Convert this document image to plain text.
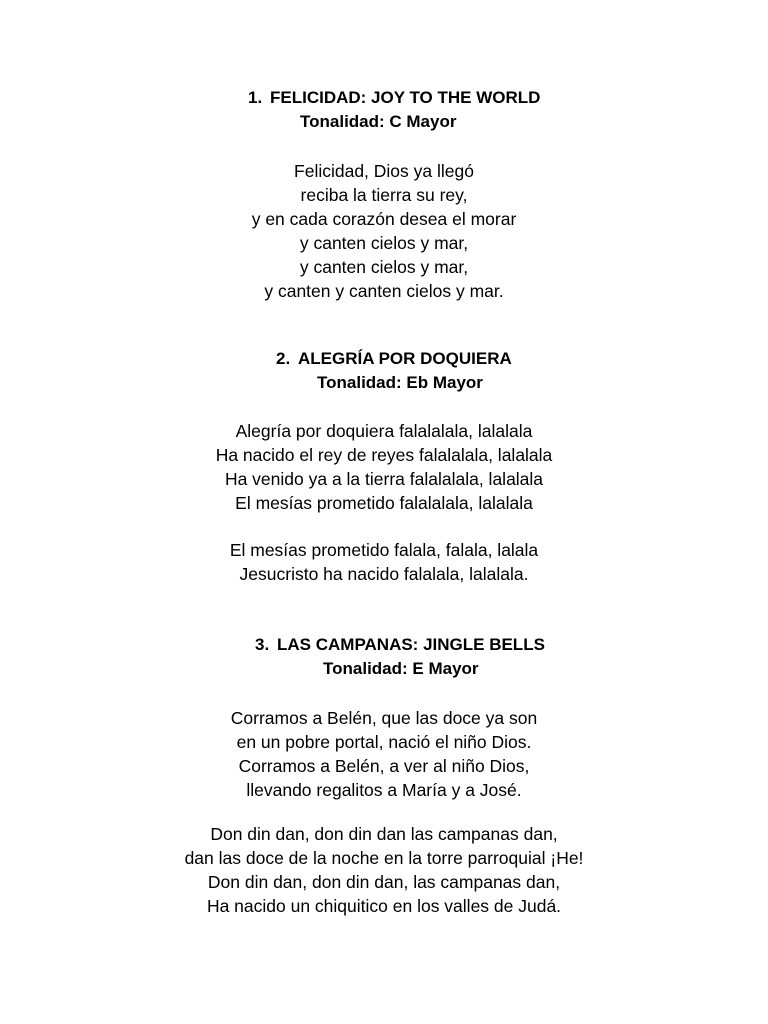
1. FELICIDAD: JOY TO THE WORLD
Tonalidad: C Mayor
Felicidad, Dios ya llegó
reciba la tierra su rey,
y en cada corazón desea el morar
y canten cielos y mar,
y canten cielos y mar,
y canten y canten cielos y mar.
2. ALEGRÍA POR DOQUIERA
Tonalidad: Eb Mayor
Alegría por doquiera falalalala, lalalala
Ha nacido el rey de reyes falalalala, lalalala
Ha venido ya a la tierra falalalala, lalalala
El mesías prometido falalalala, lalalala
El mesías prometido falala, falala, lalala
Jesucristo ha nacido falalala, lalalala.
3. LAS CAMPANAS: JINGLE BELLS
Tonalidad: E Mayor
Corramos a Belén, que las doce ya son
en un pobre portal, nació el niño Dios.
Corramos a Belén, a ver al niño Dios,
llevando regalitos a María y a José.
Don din dan, don din dan las campanas dan,
dan las doce de la noche en la torre parroquial ¡He!
Don din dan, don din dan, las campanas dan,
Ha nacido un chiquitico en los valles de Judá.
